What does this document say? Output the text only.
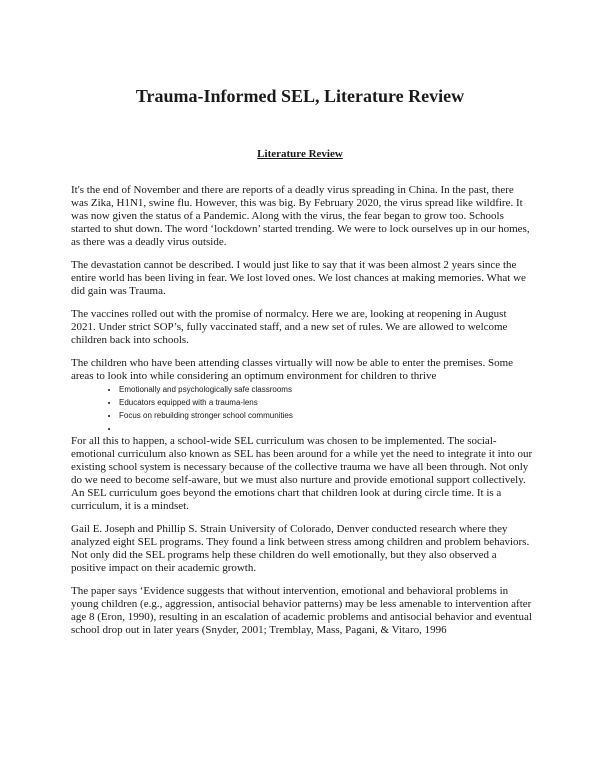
Trauma-Informed SEL, Literature Review
Literature Review

It's the end of November and there are reports of a deadly virus spreading in China. In the past, there was Zika, H1N1, swine flu. However, this was big. By February 2020, the virus spread like wildfire. It was now given the status of a Pandemic. Along with the virus, the fear began to grow too. Schools started to shut down. The word ‘lockdown’ started trending. We were to lock ourselves up in our homes, as there was a deadly virus outside.

The devastation cannot be described. I would just like to say that it was been almost 2 years since the entire world has been living in fear. We lost loved ones. We lost chances at making memories. What we did gain was Trauma.

The vaccines rolled out with the promise of normalcy. Here we are, looking at reopening in August 2021. Under strict SOP’s, fully vaccinated staff, and a new set of rules. We are allowed to welcome children back into schools.

The children who have been attending classes virtually will now be able to enter the premises. Some areas to look into while considering an optimum environment for children to thrive

• Emotionally and psychologically safe classrooms
• Educators equipped with a trauma-lens
• Focus on rebuilding stronger school communities
•

For all this to happen, a school-wide SEL curriculum was chosen to be implemented. The social-emotional curriculum also known as SEL has been around for a while yet the need to integrate it into our existing school system is necessary because of the collective trauma we have all been through. Not only do we need to become self-aware, but we must also nurture and provide emotional support collectively.

An SEL curriculum goes beyond the emotions chart that children look at during circle time. It is a curriculum, it is a mindset.

Gail E. Joseph and Phillip S. Strain University of Colorado, Denver conducted research where they analyzed eight SEL programs. They found a link between stress among children and problem behaviors. Not only did the SEL programs help these children do well emotionally, but they also observed a positive impact on their academic growth.

The paper says ‘Evidence suggests that without intervention, emotional and behavioral problems in young children (e.g., aggression, antisocial behavior patterns) may be less amenable to intervention after age 8 (Eron, 1990), resulting in an escalation of academic problems and antisocial behavior and eventual school drop out in later years (Snyder, 2001; Tremblay, Mass, Pagani, & Vitaro, 1996
